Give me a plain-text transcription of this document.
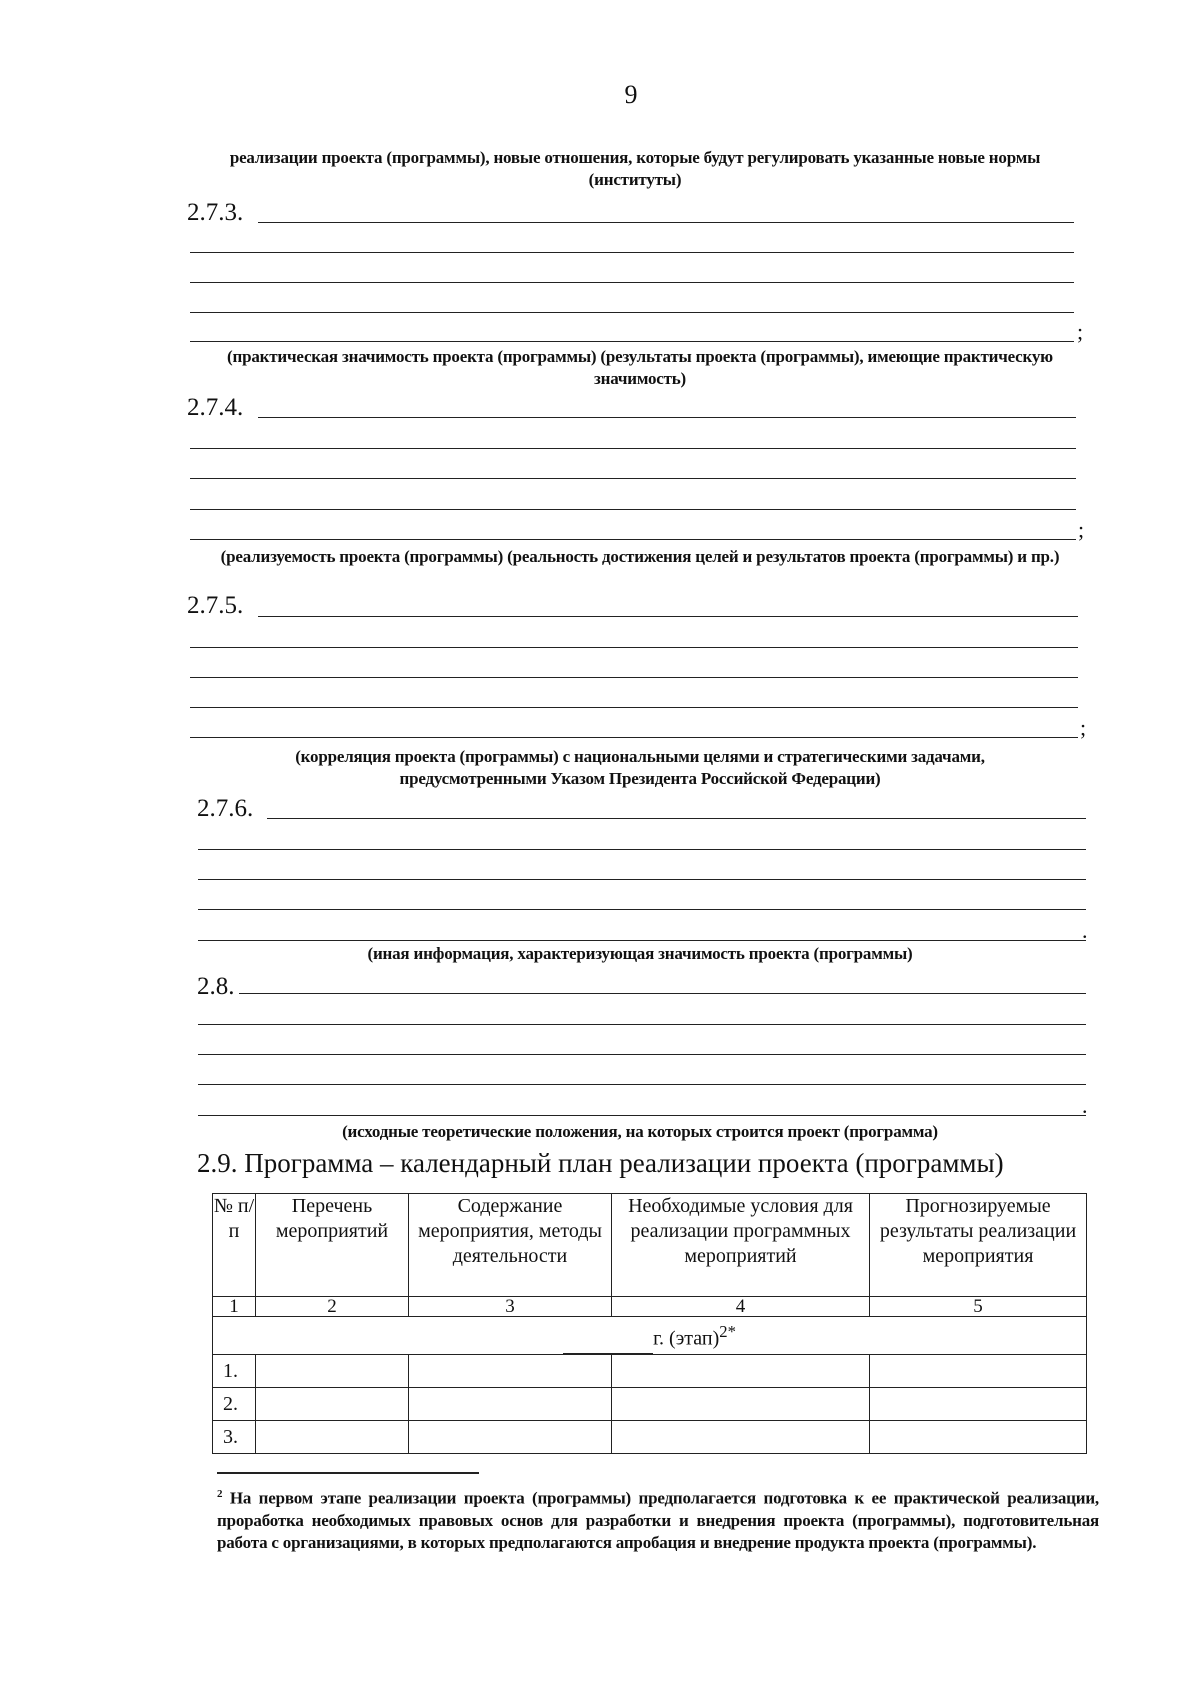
9
реализации проекта (программы), новые отношения, которые будут регулировать указанные новые нормы (институты)
2.7.3.
;
(практическая значимость проекта (программы) (результаты проекта (программы), имеющие практическую значимость)
2.7.4.
;
(реализуемость проекта (программы) (реальность достижения целей и результатов проекта (программы) и пр.)
2.7.5.
;
(корреляция проекта (программы) с национальными целями и стратегическими задачами, предусмотренными Указом Президента Российской Федерации)
2.7.6.
.
(иная информация, характеризующая значимость проекта (программы)
2.8.
.
(исходные теоретические положения, на которых строится проект (программа)
2.9. Программа – календарный план реализации проекта (программы)
№ п/п	Перечень мероприятий	Содержание мероприятия, методы деятельности	Необходимые условия для реализации программных мероприятий	Прогнозируемые результаты реализации мероприятия
1	2	3	4	5
г. (этап)$^{2*}$
1.				
2.				
3.				
$^2$ На первом этапе реализации проекта (программы) предполагается подготовка к ее практической реализации, проработка необходимых правовых основ для разработки и внедрения проекта (программы), подготовительная работа с организациями, в которых предполагаются апробация и внедрение продукта проекта (программы).
